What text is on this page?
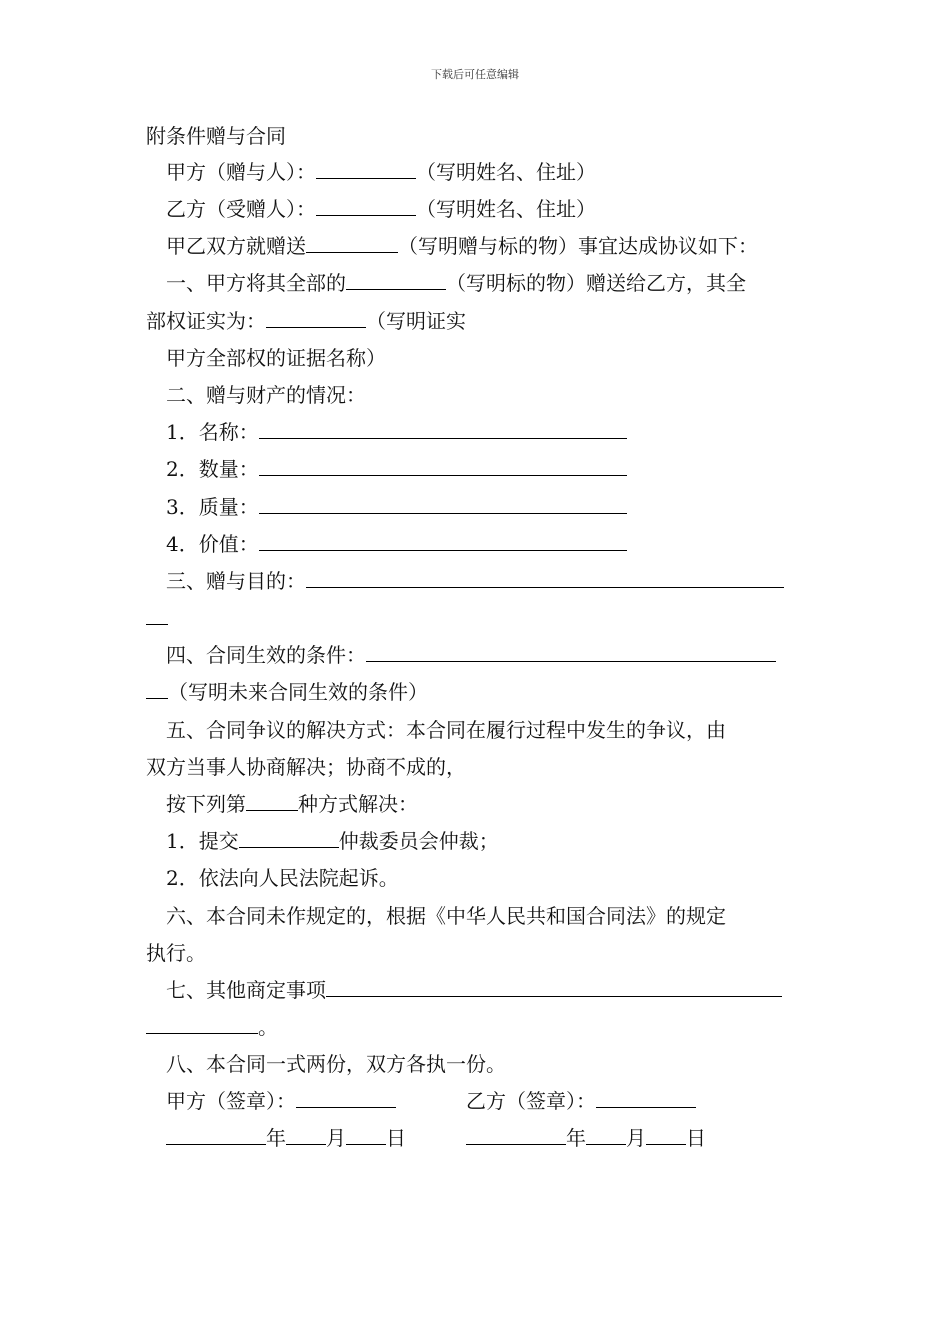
下载后可任意编辑
附条件赠与合同
甲方（赠与人）：	（写明姓名、住址）
乙方（受赠人）：	（写明姓名、住址）
甲乙双方就赠送	（写明赠与标的物）事宜达成协议如下：
一、甲方将其全部的	（写明标的物）赠送给乙方，其全
部权证实为：	（写明证实
甲方全部权的证据名称）
二、赠与财产的情况：
1．名称：
2．数量：
3．质量：
4．价值：
三、赠与目的：
四、合同生效的条件：
（写明未来合同生效的条件）
五、合同争议的解决方式：本合同在履行过程中发生的争议，由
双方当事人协商解决；协商不成的，
按下列第	种方式解决：
1．提交	仲裁委员会仲裁；
2．依法向人民法院起诉。
六、本合同未作规定的，根据《中华人民共和国合同法》的规定
执行。
七、其他商定事项
。
八、本合同一式两份，双方各执一份。
甲方（签章）：	乙方（签章）：
年 月 日	年 月 日
